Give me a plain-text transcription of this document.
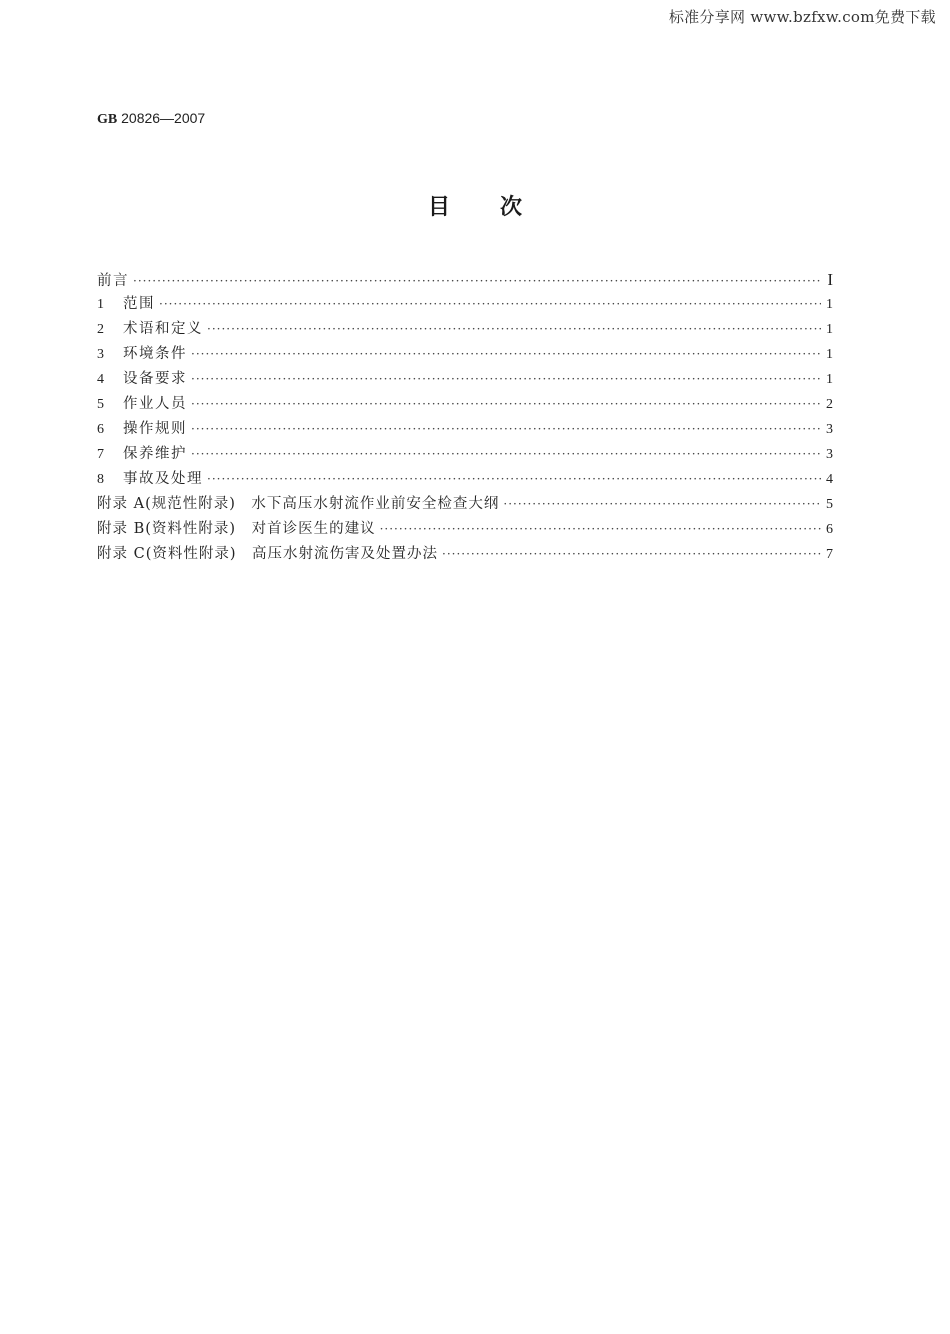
标准分享网 www.bzfxw.com免费下载
GB 20826—2007
目次
前言 ·····	I
1	范围 ·····	1
2	术语和定义 ·····	1
3	环境条件 ·····	1
4	设备要求 ·····	1
5	作业人员 ·····	2
6	操作规则 ·····	3
7	保养维护 ·····	3
8	事故及处理 ·····	4
附录 A(规范性附录)　水下高压水射流作业前安全检查大纲 ·····	5
附录 B(资料性附录)　对首诊医生的建议 ·····	6
附录 C(资料性附录)　高压水射流伤害及处置办法 ·····	7
